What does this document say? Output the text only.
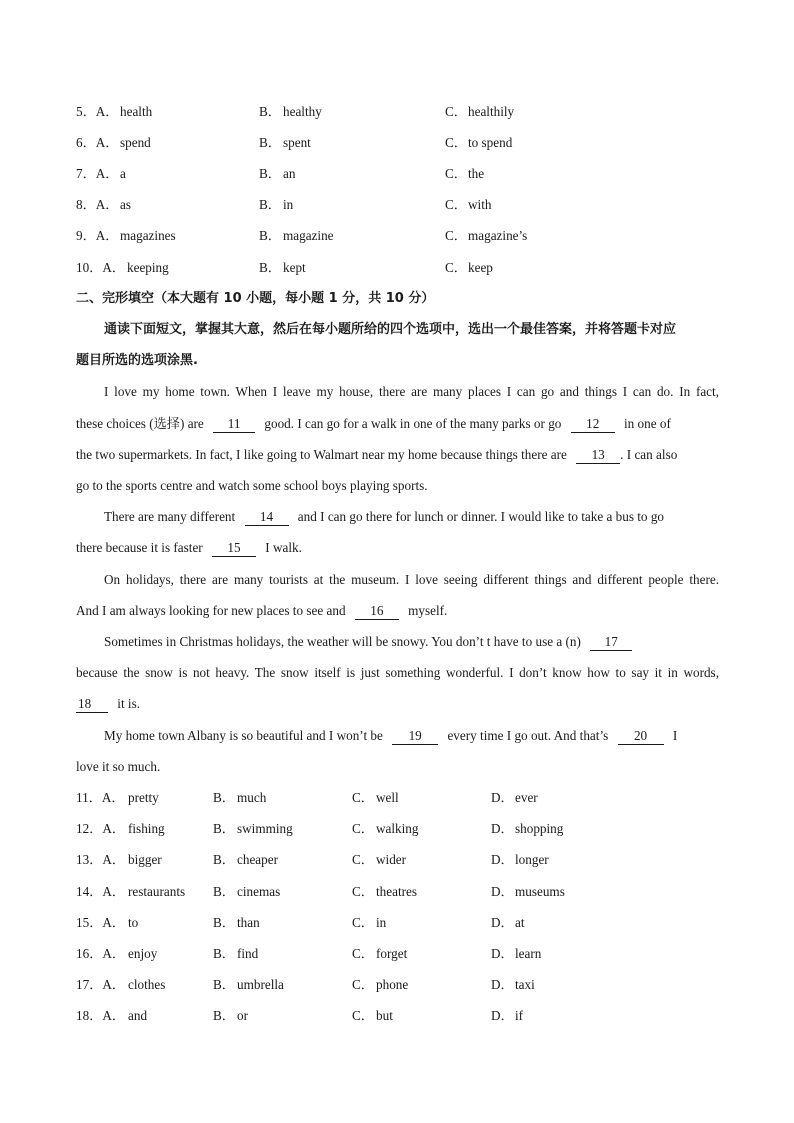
5．A． health	B． healthy	C． healthily
6．A． spend	B． spent	C． to spend
7．A． a	B． an	C． the
8．A． as	B． in	C． with
9．A． magazines	B． magazine	C． magazine’s
10．A． keeping	B． kept	C． keep
二、完形填空（本大题有 10 小题，每小题 1 分，共 10 分）
通读下面短文，掌握其大意，然后在每小题所给的四个选项中，选出一个最佳答案，并将答题卡对应
题目所选的选项涂黑.
I love my home town. When I leave my house, there are many places I can go and things I can do. In fact,
these choices (选择) are 11 good. I can go for a walk in one of the many parks or go 12 in one of
the two supermarkets. In fact, I like going to Walmart near my home because things there are 13 . I can also
go to the sports centre and watch some school boys playing sports.
There are many different 14 and I can go there for lunch or dinner. I would like to take a bus to go
there because it is faster 15 I walk.
On holidays, there are many tourists at the museum. I love seeing different things and different people there.
And I am always looking for new places to see and 16 myself.
Sometimes in Christmas holidays, the weather will be snowy. You don’t t have to use a (n) 17
because the snow is not heavy. The snow itself is just something wonderful. I don’t know how to say it in words,
18 it is.
My home town Albany is so beautiful and I won’t be 19 every time I go out. And that’s 20 I
love it so much.
11．A． pretty	B． much	C． well	D． ever
12．A． fishing	B． swimming	C． walking	D． shopping
13．A． bigger	B． cheaper	C． wider	D． longer
14．A． restaurants B． cinemas	C． theatres	D． museums
15．A． to	B． than	C． in	D． at
16．A． enjoy	B． find	C． forget	D． learn
17．A． clothes	B． umbrella	C． phone	D． taxi
18．A． and	B． or	C． but	D． if
